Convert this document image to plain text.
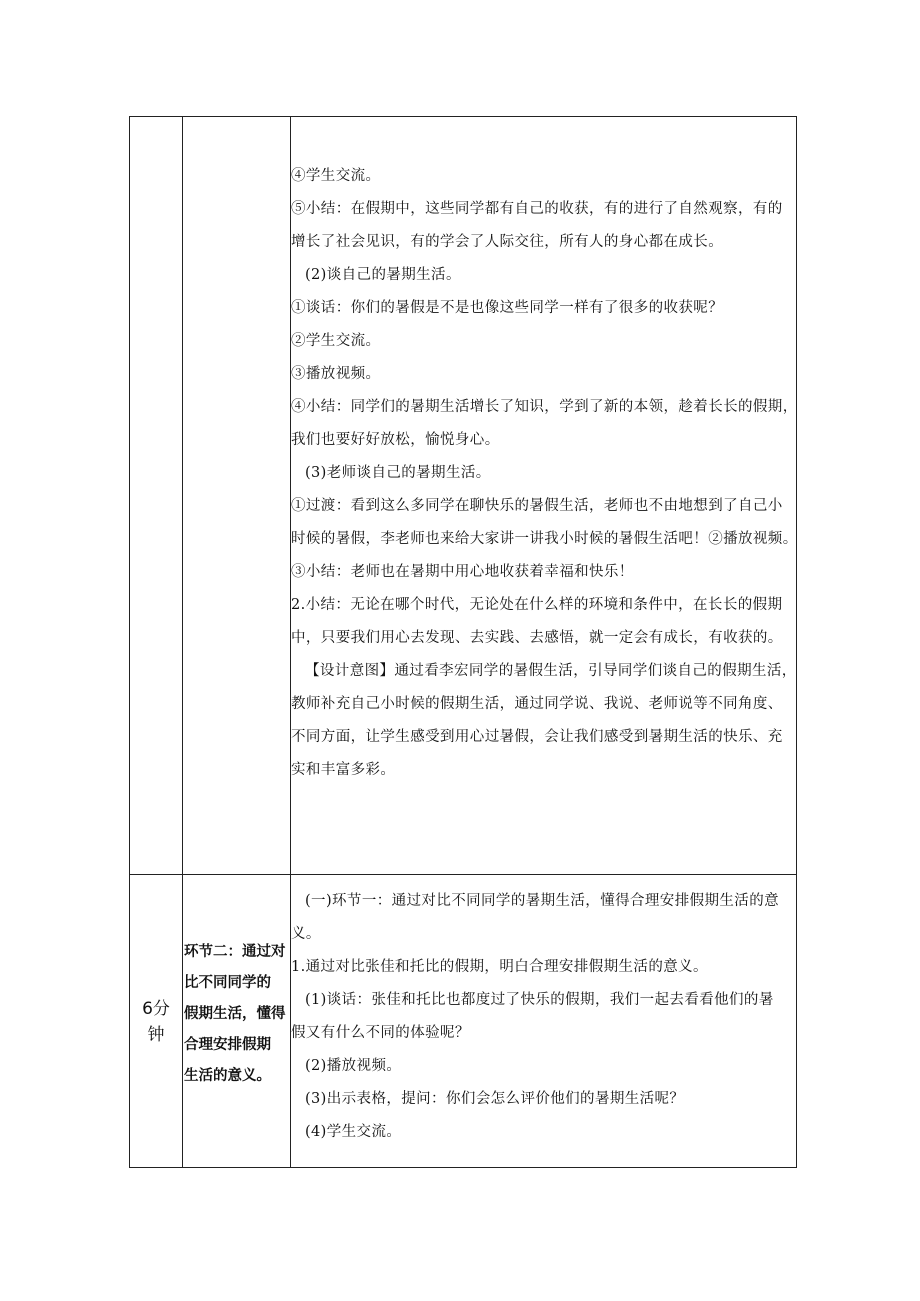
④学生交流。

⑤小结：在假期中，这些同学都有自己的收获，有的进行了自然观察，有的

增长了社会见识，有的学会了人际交往，所有人的身心都在成长。

(2)谈自己的暑期生活。

①谈话：你们的暑假是不是也像这些同学一样有了很多的收获呢？

②学生交流。

③播放视频。

④小结：同学们的暑期生活增长了知识，学到了新的本领，趁着长长的假期，

我们也要好好放松，愉悦身心。

(3)老师谈自己的暑期生活。

①过渡：看到这么多同学在聊快乐的暑假生活，老师也不由地想到了自己小

时候的暑假，李老师也来给大家讲一讲我小时候的暑假生活吧！②播放视频。

③小结：老师也在暑期中用心地收获着幸福和快乐！

2.小结：无论在哪个时代，无论处在什么样的环境和条件中，在长长的假期

中，只要我们用心去发现、去实践、去感悟，就一定会有成长，有收获的。

【设计意图】通过看李宏同学的暑假生活，引导同学们谈自己的假期生活，

教师补充自己小时候的假期生活，通过同学说、我说、老师说等不同角度、

不同方面，让学生感受到用心过暑假，会让我们感受到暑期生活的快乐、充

实和丰富多彩。

6分钟

环节二：通过对

比不同同学的

假期生活，懂得

合理安排假期

生活的意义。

(一)环节一：通过对比不同同学的暑期生活，懂得合理安排假期生活的意

义。

1.通过对比张佳和托比的假期，明白合理安排假期生活的意义。

(1)谈话：张佳和托比也都度过了快乐的假期，我们一起去看看他们的暑

假又有什么不同的体验呢？

(2)播放视频。

(3)出示表格，提问：你们会怎么评价他们的暑期生活呢？

(4)学生交流。
